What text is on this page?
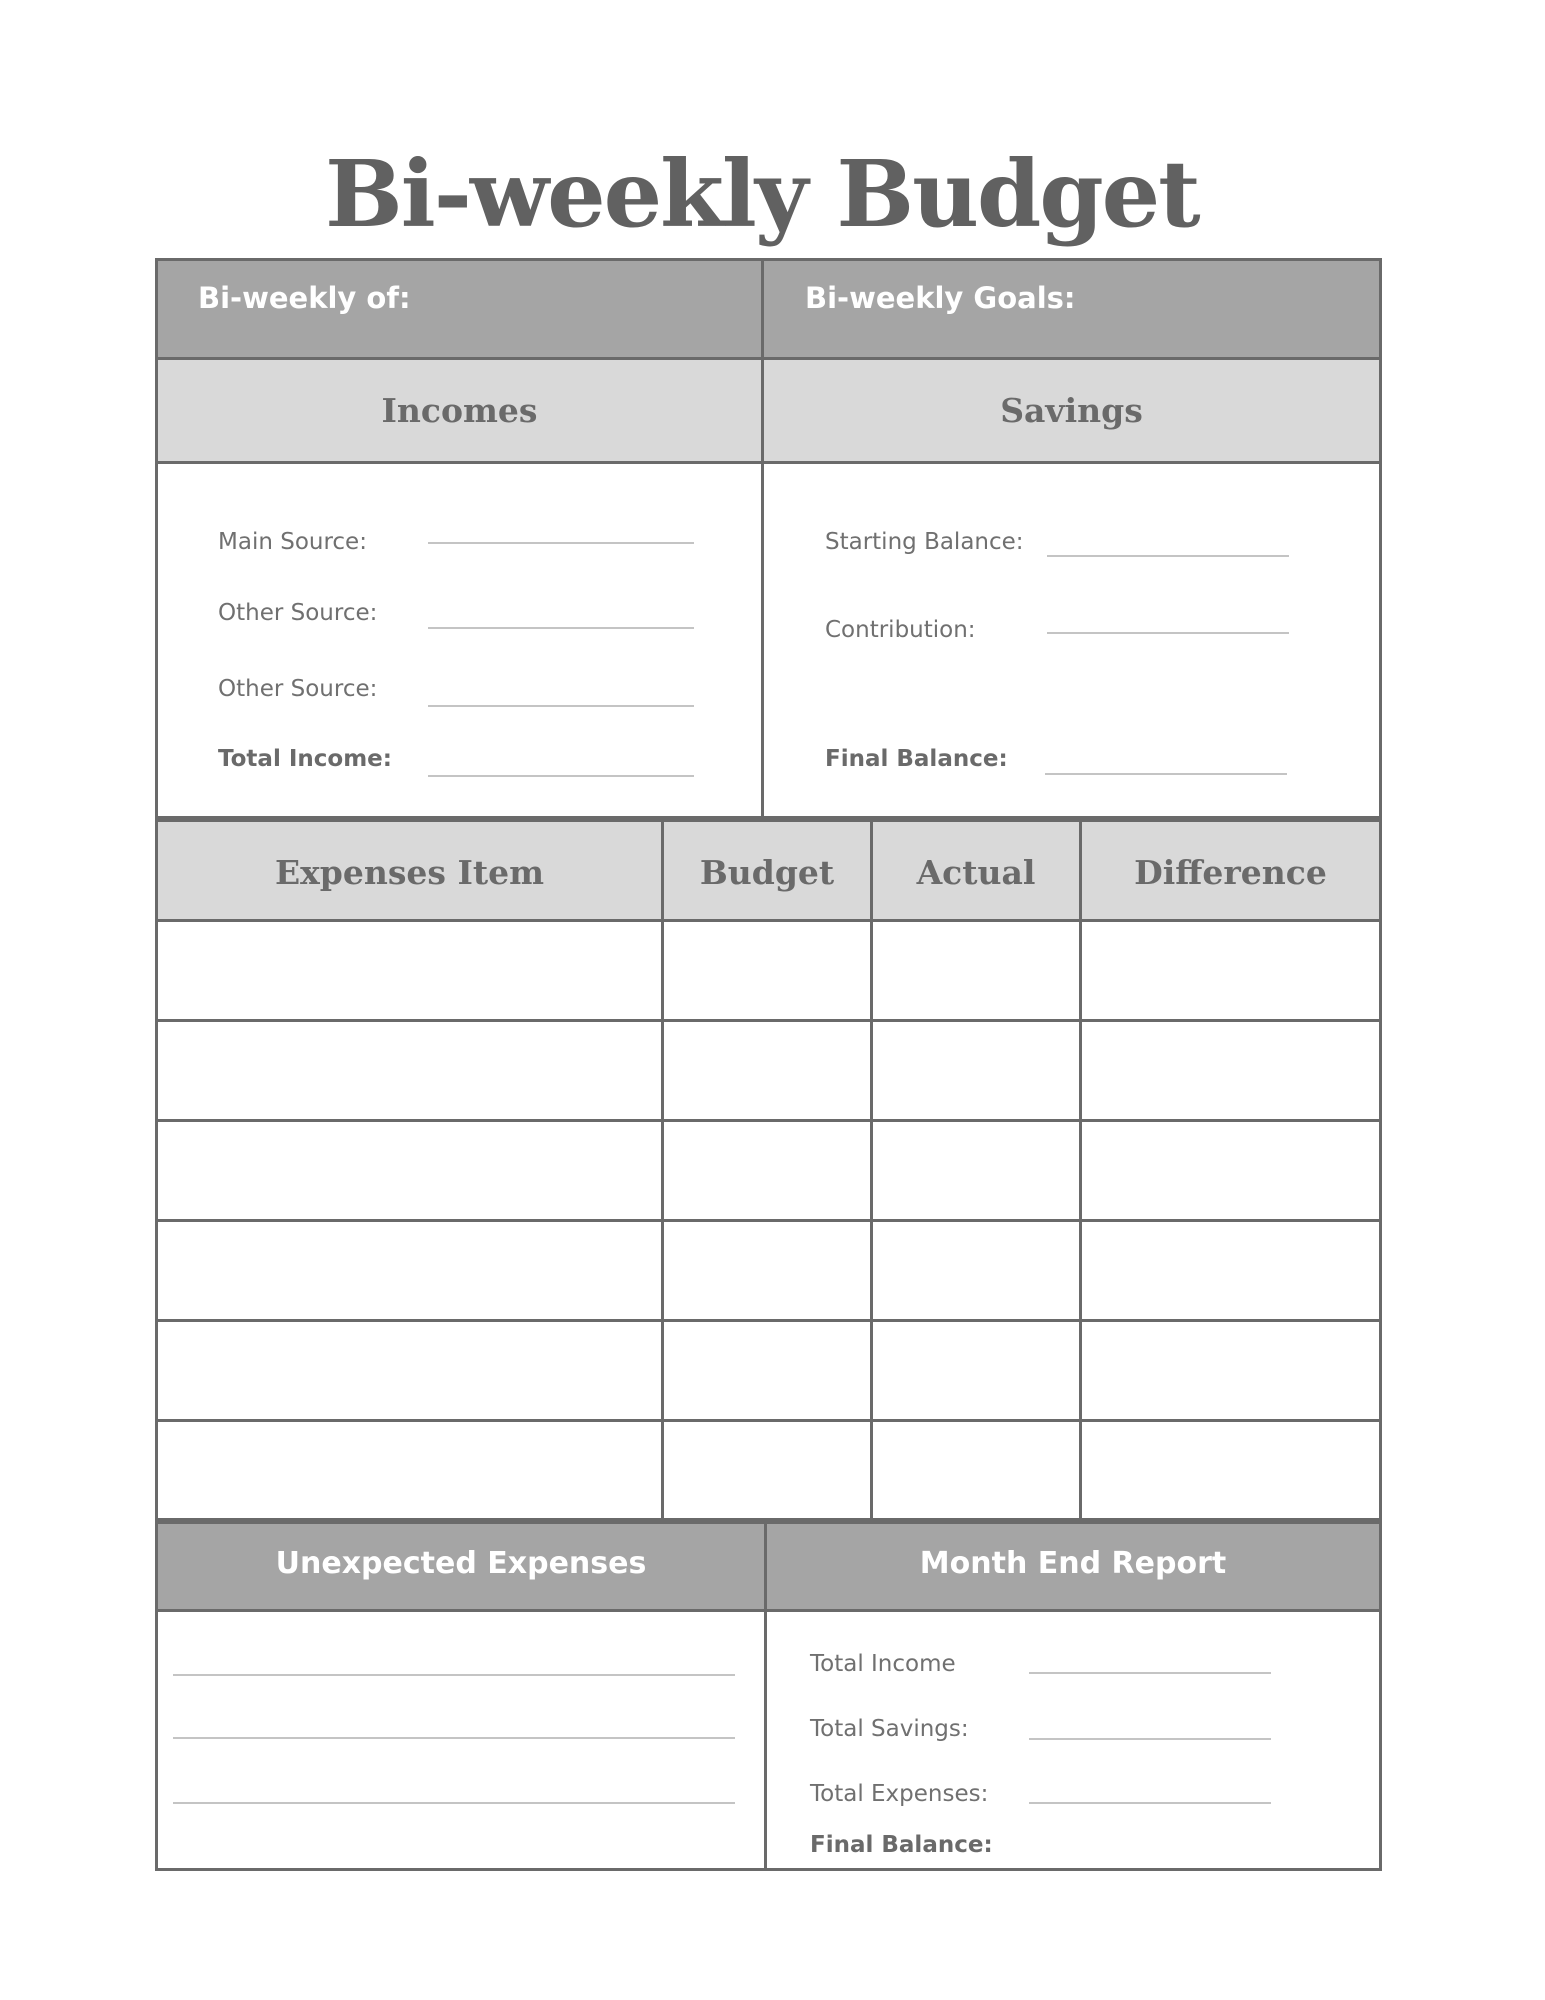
Bi-weekly Budget
Bi-weekly of:	Bi-weekly Goals:
Incomes	Savings
Main Source:
Other Source:
Other Source:
Total Income:
Starting Balance:
Contribution:
Final Balance:
Expenses Item	Budget	Actual	Difference
Unexpected Expenses	Month End Report
Total Income
Total Savings:
Total Expenses:
Final Balance:
